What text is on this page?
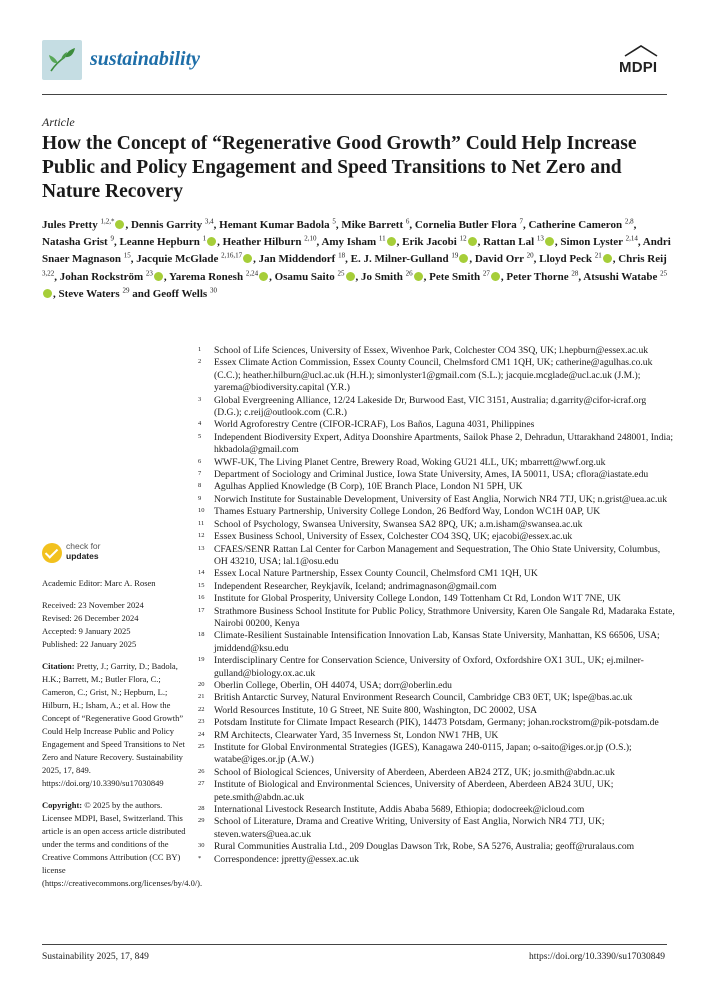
sustainability	MDPI
Article
How the Concept of “Regenerative Good Growth” Could Help Increase Public and Policy Engagement and Speed Transitions to Net Zero and Nature Recovery

Jules Pretty $^{1,2,*}$ , Dennis Garrity $^{3,4}$, Hemant Kumar Badola $^5$, Mike Barrett $^6$, Cornelia Butler Flora $^7$, Catherine Cameron $^{2,8}$, Natasha Grist $^9$, Leanne Hepburn $^1$ , Heather Hilburn $^{2,10}$, Amy Isham $^{11}$ , Erik Jacobi $^{12}$ , Rattan Lal $^{13}$ , Simon Lyster $^{2,14}$, Andri Snaer Magnason $^{15}$, Jacquie McGlade $^{2,16,17}$ , Jan Middendorf $^{18}$, E. J. Milner-Gulland $^{19}$ , David Orr $^{20}$, Lloyd Peck $^{21}$ , Chris Reij $^{3,22}$, Johan Rockström $^{23}$ , Yarema Ronesh $^{2,24}$ , Osamu Saito $^{25}$ , Jo Smith $^{26}$ , Pete Smith $^{27}$ , Peter Thorne $^{28}$, Atsushi Watabe $^{25}$, Steve Waters $^{29}$ and Geoff Wells $^{30}$

1	School of Life Sciences, University of Essex, Wivenhoe Park, Colchester CO4 3SQ, UK; l.hepburn@essex.ac.uk
2	Essex Climate Action Commission, Essex County Council, Chelmsford CM1 1QH, UK; catherine@agulhas.co.uk (C.C.); heather.hilburn@ucl.ac.uk (H.H.); simonlyster1@gmail.com (S.L.); jacquie.mcglade@ucl.ac.uk (J.M.); yarema@biodiversity.capital (Y.R.)
3	Global Evergreening Alliance, 12/24 Lakeside Dr, Burwood East, VIC 3151, Australia; d.garrity@cifor-icraf.org (D.G.); c.reij@outlook.com (C.R.)
4	World Agroforestry Centre (CIFOR-ICRAF), Los Baños, Laguna 4031, Philippines
5	Independent Biodiversity Expert, Aditya Doonshire Apartments, Sailok Phase 2, Dehradun, Uttarakhand 248001, India; hkbadola@gmail.com
6	WWF-UK, The Living Planet Centre, Brewery Road, Woking GU21 4LL, UK; mbarrett@wwf.org.uk
7	Department of Sociology and Criminal Justice, Iowa State University, Ames, IA 50011, USA; cflora@iastate.edu
8	Agulhas Applied Knowledge (B Corp), 10E Branch Place, London N1 5PH, UK
9	Norwich Institute for Sustainable Development, University of East Anglia, Norwich NR4 7TJ, UK; n.grist@uea.ac.uk
10 Thames Estuary Partnership, University College London, 26 Bedford Way, London WC1H 0AP, UK
11	School of Psychology, Swansea University, Swansea SA2 8PQ, UK; a.m.isham@swansea.ac.uk
12 Essex Business School, University of Essex, Colchester CO4 3SQ, UK; ejacobi@essex.ac.uk
13 CFAES/SENR Rattan Lal Center for Carbon Management and Sequestration, The Ohio State University, Columbus, OH 43210, USA; lal.1@osu.edu
14 Essex Local Nature Partnership, Essex County Council, Chelmsford CM1 1QH, UK
15 Independent Researcher, Reykjavík, Iceland; andrimagnason@gmail.com
16 Institute for Global Prosperity, University College London, 149 Tottenham Ct Rd, London W1T 7NE, UK
17 Strathmore Business School Institute for Public Policy, Strathmore University, Karen Ole Sangale Rd, Madaraka Estate, Nairobi 00200, Kenya
18 Climate-Resilient Sustainable Intensification Innovation Lab, Kansas State University, Manhattan, KS 66506, USA; jmiddend@ksu.edu
19 Interdisciplinary Centre for Conservation Science, University of Oxford, Oxfordshire OX1 3UL, UK; ej.milner-gulland@biology.ox.ac.uk
20 Oberlin College, Oberlin, OH 44074, USA; dorr@oberlin.edu
21 British Antarctic Survey, Natural Environment Research Council, Cambridge CB3 0ET, UK; lspe@bas.ac.uk
22 World Resources Institute, 10 G Street, NE Suite 800, Washington, DC 20002, USA
23 Potsdam Institute for Climate Impact Research (PIK), 14473 Potsdam, Germany; johan.rockstrom@pik-potsdam.de
24 RM Architects, Clearwater Yard, 35 Inverness St, London NW1 7HB, UK
25 Institute for Global Environmental Strategies (IGES), Kanagawa 240-0115, Japan; o-saito@iges.or.jp (O.S.); watabe@iges.or.jp (A.W.)
26 School of Biological Sciences, University of Aberdeen, Aberdeen AB24 2TZ, UK; jo.smith@abdn.ac.uk
27 Institute of Biological and Environmental Sciences, University of Aberdeen, Aberdeen AB24 3UU, UK; pete.smith@abdn.ac.uk
28 International Livestock Research Institute, Addis Ababa 5689, Ethiopia; dodocreek@icloud.com
29 School of Literature, Drama and Creative Writing, University of East Anglia, Norwich NR4 7TJ, UK; steven.waters@uea.ac.uk
30 Rural Communities Australia Ltd., 209 Douglas Dawson Trk, Robe, SA 5276, Australia; geoff@ruralaus.com
*	Correspondence: jpretty@essex.ac.uk
check for
updates

Academic Editor: Marc A. Rosen

Received: 23 November 2024

Revised: 26 December 2024

Accepted: 9 January 2025

Published: 22 January 2025

Citation: Pretty, J.; Garrity, D.; Badola, H.K.; Barrett, M.; Butler Flora, C.; Cameron, C.; Grist, N.; Hepburn, L.; Hilburn, H.; Isham, A.; et al. How the Concept of “Regenerative Good Growth” Could Help Increase Public and Policy Engagement and Speed Transitions to Net Zero and Nature Recovery. Sustainability 2025, 17, 849. https://doi.org/10.3390/su17030849

Copyright: © 2025 by the authors. Licensee MDPI, Basel, Switzerland. This article is an open access article distributed under the terms and conditions of the Creative Commons Attribution (CC BY) license (https://creativecommons.org/licenses/by/4.0/).

Sustainability 2025, 17, 849	https://doi.org/10.3390/su17030849
